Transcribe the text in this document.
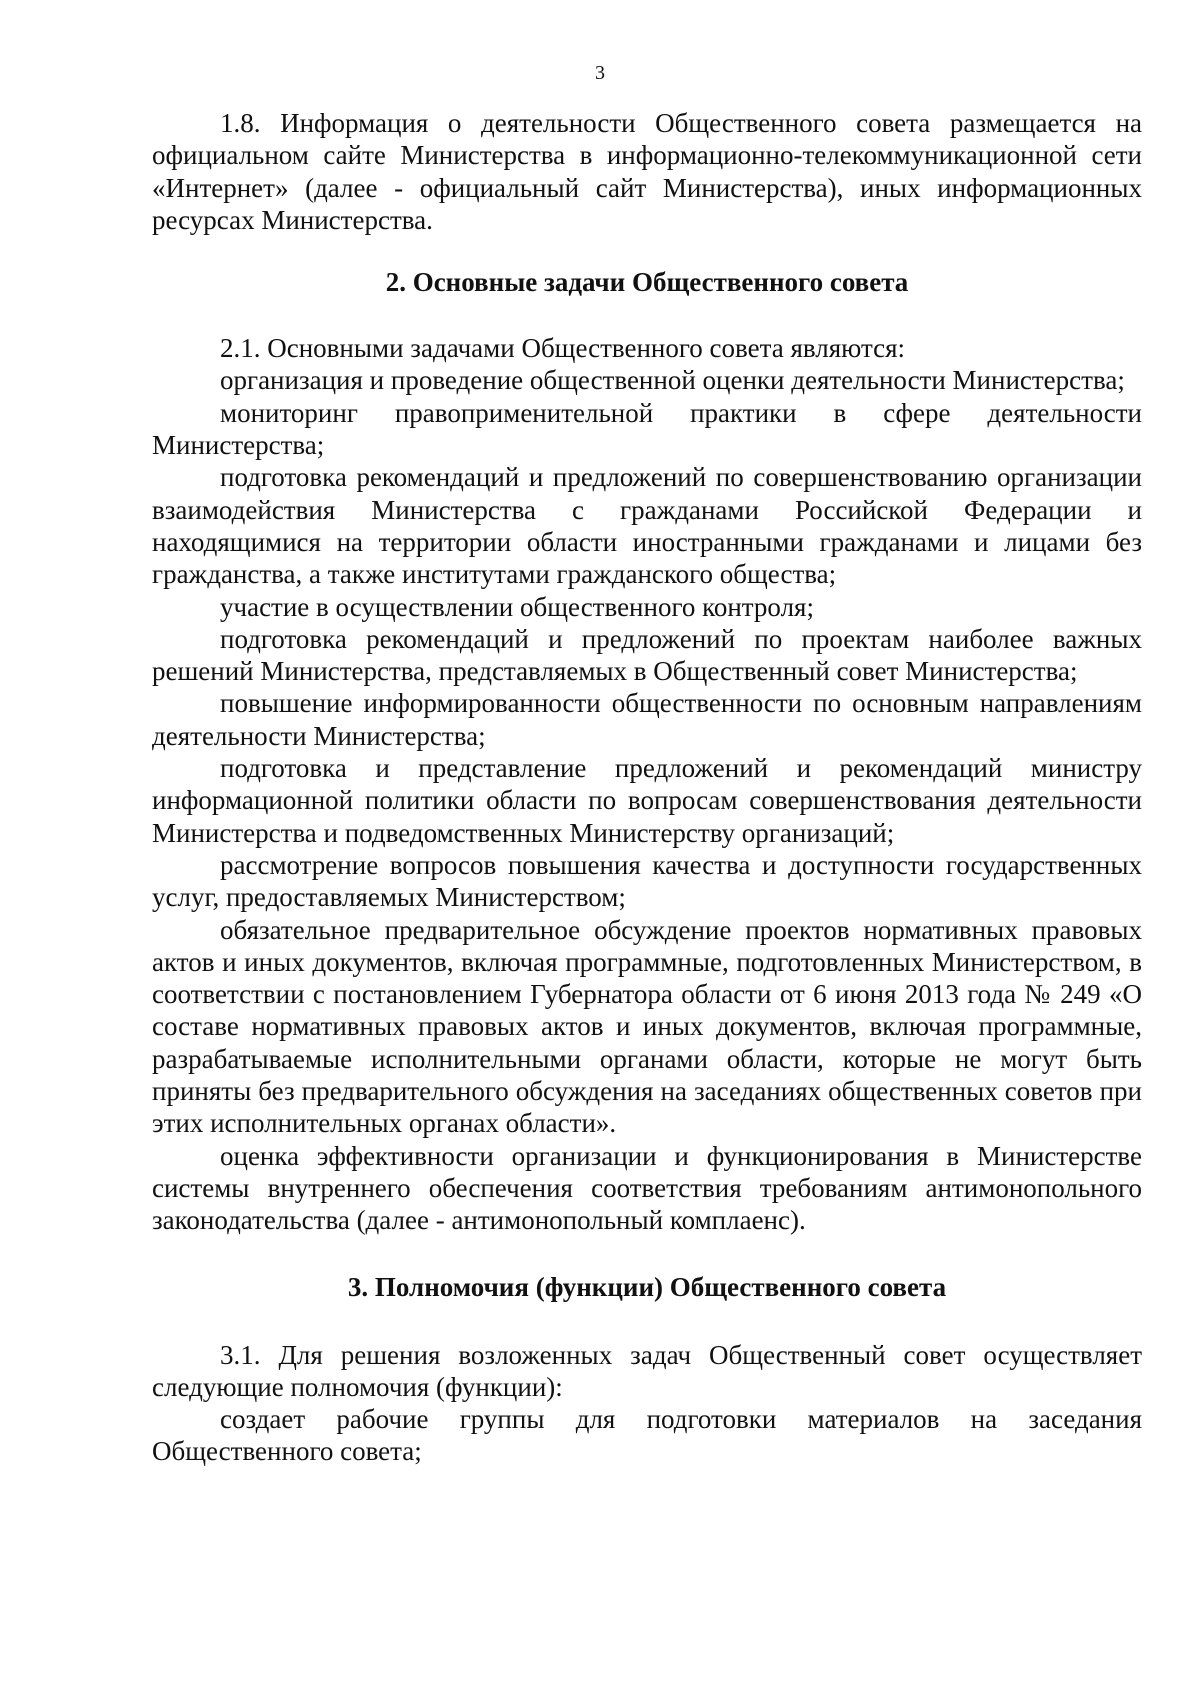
3

1.8. Информация о деятельности Общественного совета размещается на официальном сайте Министерства в информационно-телекоммуникационной сети «Интернет» (далее - официальный сайт Министерства), иных информационных ресурсах Министерства.

2. Основные задачи Общественного совета

2.1. Основными задачами Общественного совета являются:

организация и проведение общественной оценки деятельности Министерства;

мониторинг правоприменительной практики в сфере деятельности Министерства;

подготовка рекомендаций и предложений по совершенствованию организации взаимодействия Министерства с гражданами Российской Федерации и находящимися на территории области иностранными гражданами и лицами без гражданства, а также институтами гражданского общества;

участие в осуществлении общественного контроля;

подготовка рекомендаций и предложений по проектам наиболее важных решений Министерства, представляемых в Общественный совет Министерства;

повышение информированности общественности по основным направлениям деятельности Министерства;

подготовка и представление предложений и рекомендаций министру информационной политики области по вопросам совершенствования деятельности Министерства и подведомственных Министерству организаций;

рассмотрение вопросов повышения качества и доступности государственных услуг, предоставляемых Министерством;

обязательное предварительное обсуждение проектов нормативных правовых актов и иных документов, включая программные, подготовленных Министерством, в соответствии с постановлением Губернатора области от 6 июня 2013 года № 249 «О составе нормативных правовых актов и иных документов, включая программные, разрабатываемые исполнительными органами области, которые не могут быть приняты без предварительного обсуждения на заседаниях общественных советов при этих исполнительных органах области».

оценка эффективности организации и функционирования в Министерстве системы внутреннего обеспечения соответствия требованиям антимонопольного законодательства (далее - антимонопольный комплаенс).

3. Полномочия (функции) Общественного совета

3.1. Для решения возложенных задач Общественный совет осуществляет следующие полномочия (функции):

создает рабочие группы для подготовки материалов на заседания Общественного совета;
